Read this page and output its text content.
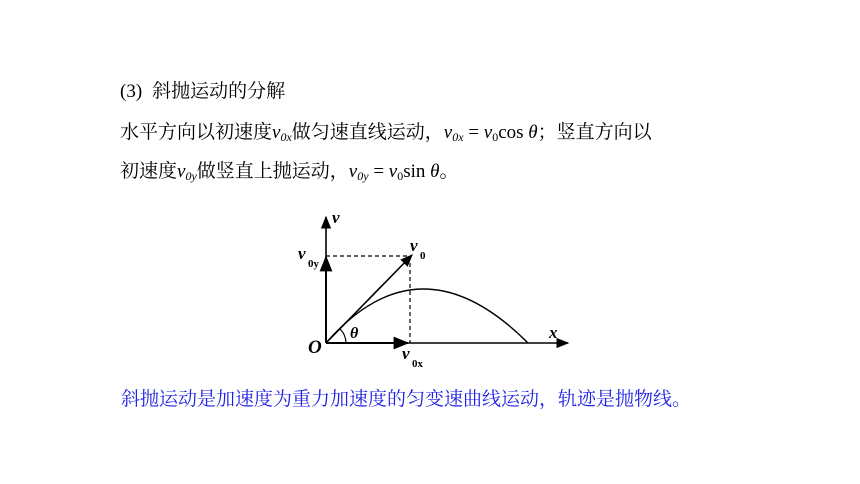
(3) 斜抛运动的分解
水平方向以初速度$v_{0x}$做匀速直线运动，$v_{0x} = v_0\cos$ θ；竖直方向以
初速度$v_{0y}$做竖直上抛运动，$v_{0y} = v_0\sin$ θ。
v
x
O
θ
v
0
v
0y
v
0x
斜抛运动是加速度为重力加速度的匀变速曲线运动，轨迹是抛物线。
